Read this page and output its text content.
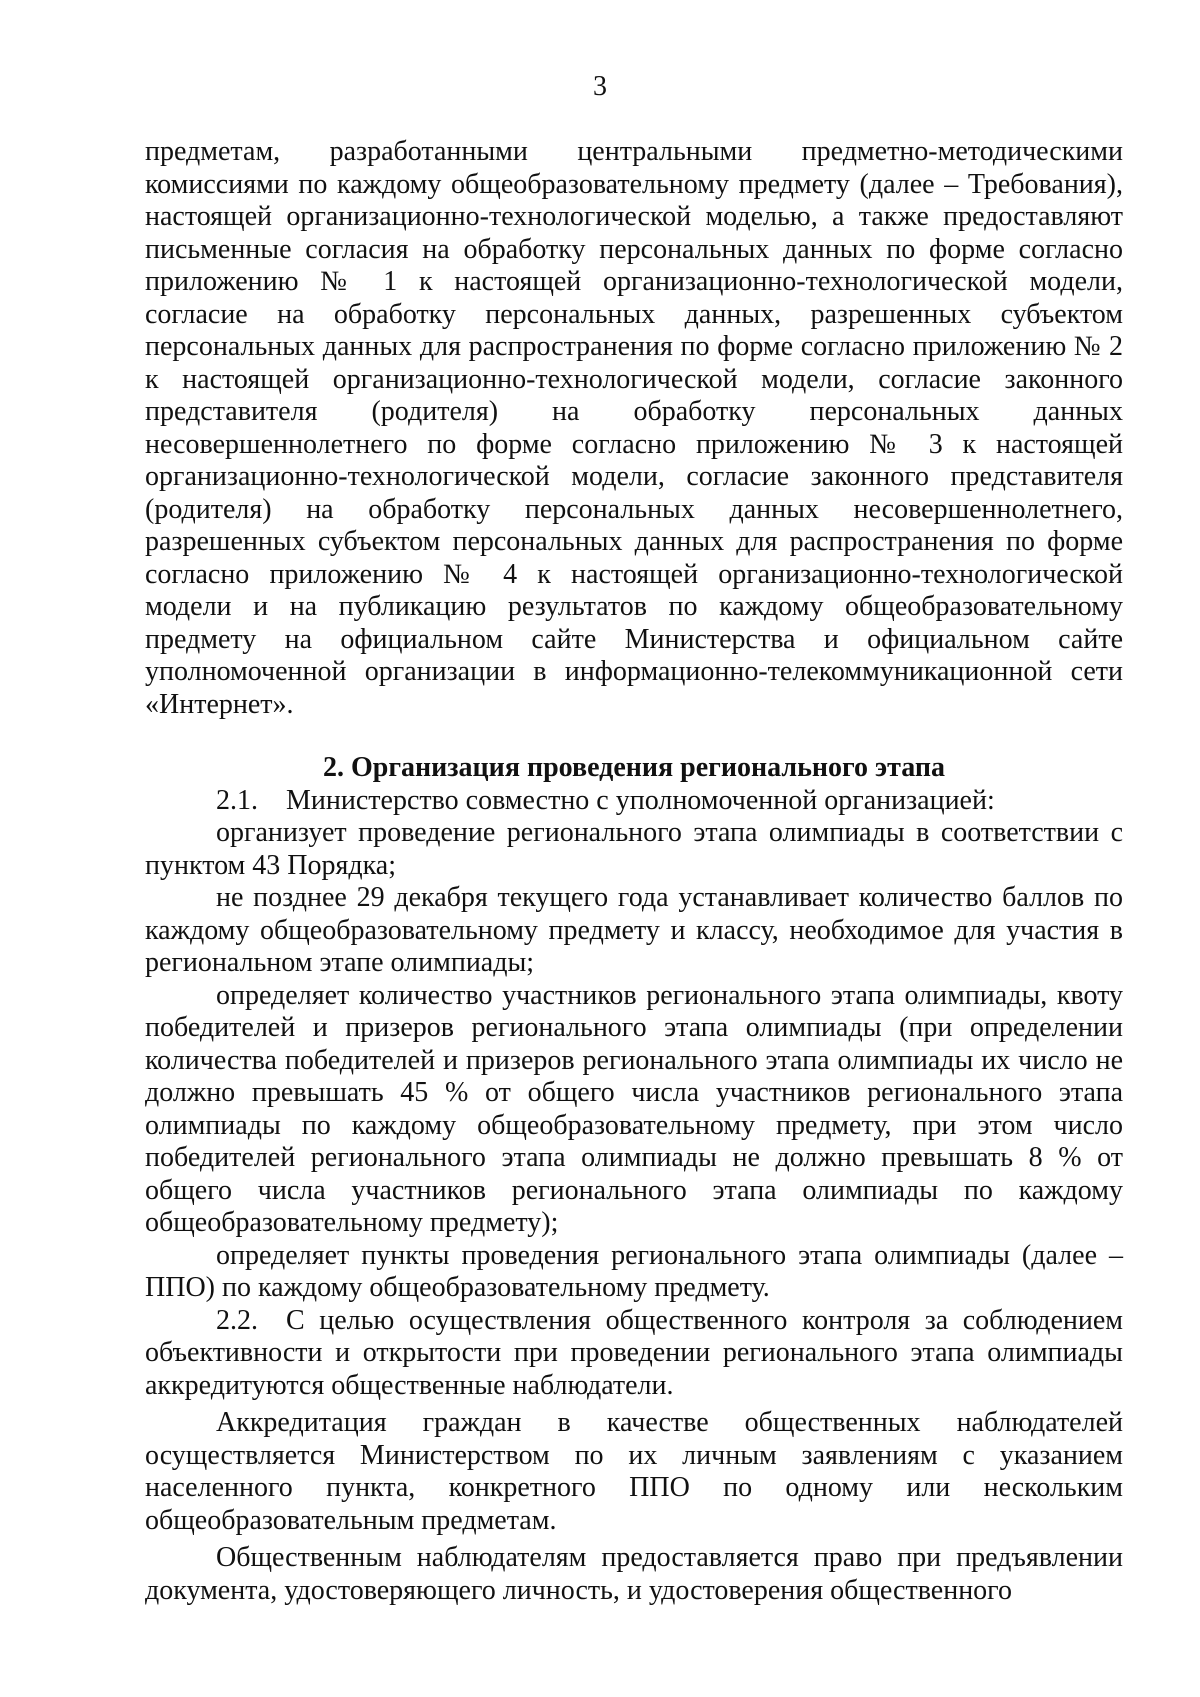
3

предметам, разработанными центральными предметно-методическими комиссиями по каждому общеобразовательному предмету (далее – Требования), настоящей организационно-технологической моделью, а также предоставляют письменные согласия на обработку персональных данных по форме согласно приложению № 1 к настоящей организационно-технологической модели, согласие на обработку персональных данных, разрешенных субъектом персональных данных для распространения по форме согласно приложению № 2 к настоящей организационно-технологической модели, согласие законного представителя (родителя) на обработку персональных данных несовершеннолетнего по форме согласно приложению № 3 к настоящей организационно-технологической модели, согласие законного представителя (родителя) на обработку персональных данных несовершеннолетнего, разрешенных субъектом персональных данных для распространения по форме согласно приложению № 4 к настоящей организационно-технологической модели и на публикацию результатов по каждому общеобразовательному предмету на официальном сайте Министерства и официальном сайте уполномоченной организации в информационно-телекоммуникационной сети «Интернет».

2. Организация проведения регионального этапа

2.1. Министерство совместно с уполномоченной организацией:

организует проведение регионального этапа олимпиады в соответствии с пунктом 43 Порядка;

не позднее 29 декабря текущего года устанавливает количество баллов по каждому общеобразовательному предмету и классу, необходимое для участия в региональном этапе олимпиады;

определяет количество участников регионального этапа олимпиады, квоту победителей и призеров регионального этапа олимпиады (при определении количества победителей и призеров регионального этапа олимпиады их число не должно превышать 45 % от общего числа участников регионального этапа олимпиады по каждому общеобразовательному предмету, при этом число победителей регионального этапа олимпиады не должно превышать 8 % от общего числа участников регионального этапа олимпиады по каждому общеобразовательному предмету);

определяет пункты проведения регионального этапа олимпиады (далее – ППО) по каждому общеобразовательному предмету.

2.2. С целью осуществления общественного контроля за соблюдением объективности и открытости при проведении регионального этапа олимпиады аккредитуются общественные наблюдатели.

Аккредитация граждан в качестве общественных наблюдателей осуществляется Министерством по их личным заявлениям с указанием населенного пункта, конкретного ППО по одному или нескольким общеобразовательным предметам.

Общественным наблюдателям предоставляется право при предъявлении документа, удостоверяющего личность, и удостоверения общественного
